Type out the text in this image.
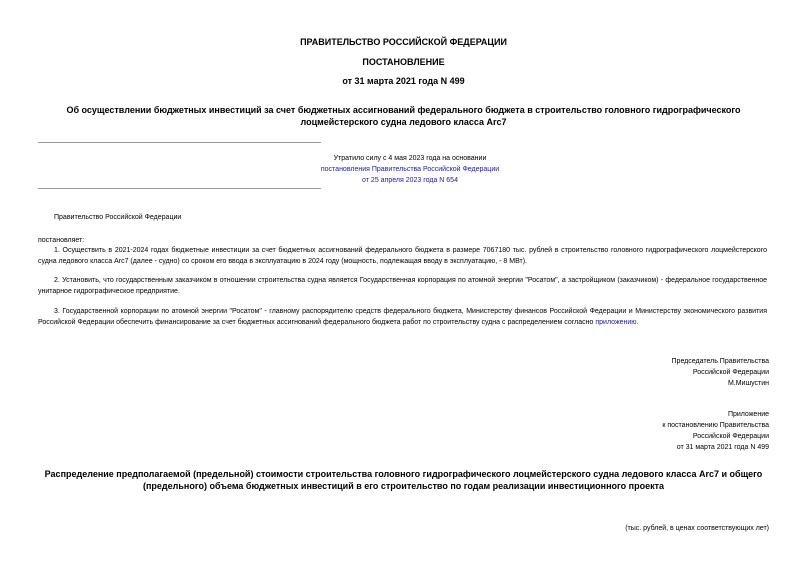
ПРАВИТЕЛЬСТВО РОССИЙСКОЙ ФЕДЕРАЦИИ
ПОСТАНОВЛЕНИЕ
от 31 марта 2021 года N 499
Об осуществлении бюджетных инвестиций за счет бюджетных ассигнований федерального бюджета в строительство головного гидрографического лоцмейстерского судна ледового класса Arc7
Утратило силу с 4 мая 2023 года на основании
постановления Правительства Российской Федерации
от 25 апреля 2023 года N 654
Правительство Российской Федерации
постановляет:
1. Осуществить в 2021-2024 годах бюджетные инвестиции за счет бюджетных ассигнований федерального бюджета в размере 7067180 тыс. рублей в строительство головного гидрографического лоцмейстерского судна ледового класса Arc7 (далее - судно) со сроком его ввода в эксплуатацию в 2024 году (мощность, подлежащая вводу в эксплуатацию, - 8 МВт).
2. Установить, что государственным заказчиком в отношении строительства судна является Государственная корпорация по атомной энергии "Росатом", а застройщиком (заказчиком) - федеральное государственное унитарное гидрографическое предприятие.
3. Государственной корпорации по атомной энергии "Росатом" - главному распорядителю средств федерального бюджета, Министерству финансов Российской Федерации и Министерству экономического развития Российской Федерации обеспечить финансирование за счет бюджетных ассигнований федерального бюджета работ по строительству судна с распределением согласно приложению.
Председатель Правительства
Российской Федерации
М.Мишустин
Приложение
к постановлению Правительства
Российской Федерации
от 31 марта 2021 года N 499
Распределение предполагаемой (предельной) стоимости строительства головного гидрографического лоцмейстерского судна ледового класса Arc7 и общего (предельного) объема бюджетных инвестиций в его строительство по годам реализации инвестиционного проекта
(тыс. рублей, в ценах соответствующих лет)
